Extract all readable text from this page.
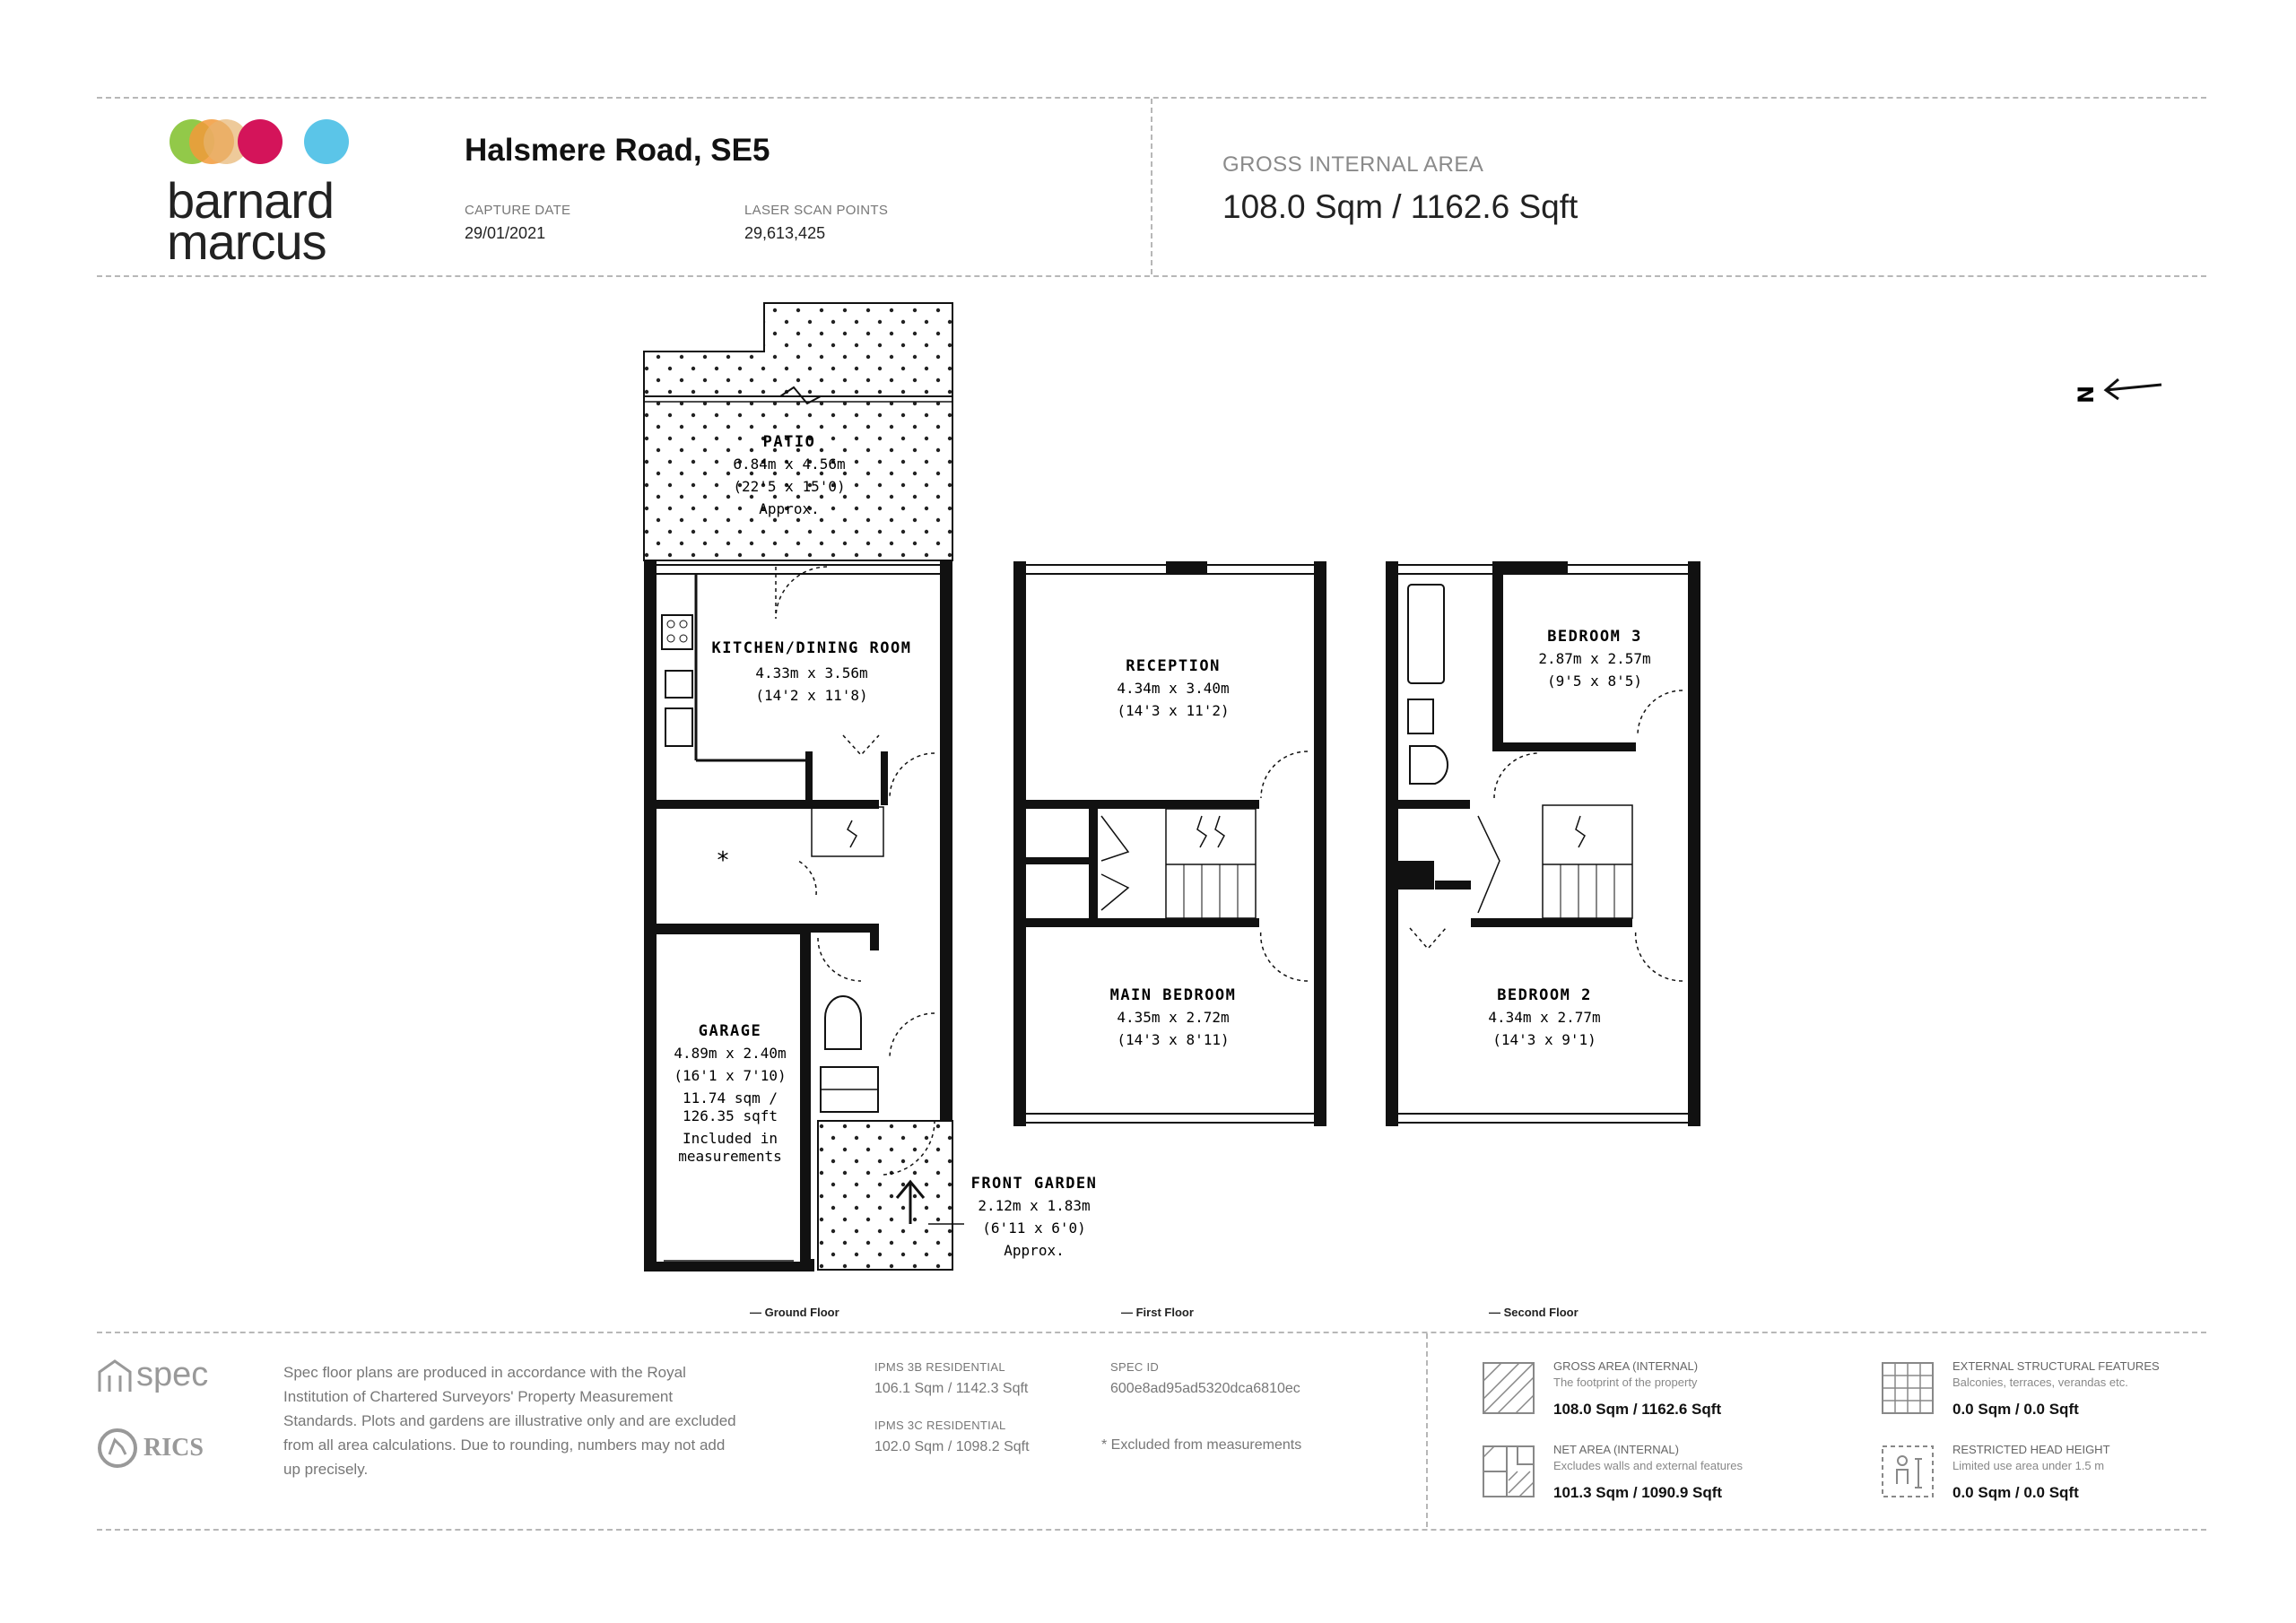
barnard
marcus
Halsmere Road, SE5
CAPTURE DATE
29/01/2021
LASER SCAN POINTS
29,613,425
GROSS INTERNAL AREA
108.0 Sqm / 1162.6 Sqft
N
PATIO
6.84m x 4.56m
(22'5 x 15'0)
Approx.
KITCHEN/DINING ROOM
4.33m x 3.56m
(14'2 x 11'8)
*
GARAGE
4.89m x 2.40m
(16'1 x 7'10)
11.74 sqm /
126.35 sqft
Included in
measurements
FRONT GARDEN
2.12m x 1.83m
(6'11 x 6'0)
Approx.
RECEPTION
4.34m x 3.40m
(14'3 x 11'2)
MAIN BEDROOM
4.35m x 2.72m
(14'3 x 8'11)
BEDROOM 3
2.87m x 2.57m
(9'5 x 8'5)
BEDROOM 2
4.34m x 2.77m
(14'3 x 9'1)
— Ground Floor	— First Floor	— Second Floor
spec
RICS
Spec floor plans are produced in accordance with the Royal
Institution of Chartered Surveyors' Property Measurement
Standards. Plots and gardens are illustrative only and are excluded
from all area calculations. Due to rounding, numbers may not add
up precisely.
IPMS 3B RESIDENTIAL
106.1 Sqm / 1142.3 Sqft
IPMS 3C RESIDENTIAL
102.0 Sqm / 1098.2 Sqft
SPEC ID
600e8ad95ad5320dca6810ec
* Excluded from measurements
GROSS AREA (INTERNAL)
The footprint of the property
108.0 Sqm / 1162.6 Sqft
EXTERNAL STRUCTURAL FEATURES
Balconies, terraces, verandas etc.
0.0 Sqm / 0.0 Sqft
NET AREA (INTERNAL)
Excludes walls and external features
101.3 Sqm / 1090.9 Sqft
RESTRICTED HEAD HEIGHT
Limited use area under 1.5 m
0.0 Sqm / 0.0 Sqft
